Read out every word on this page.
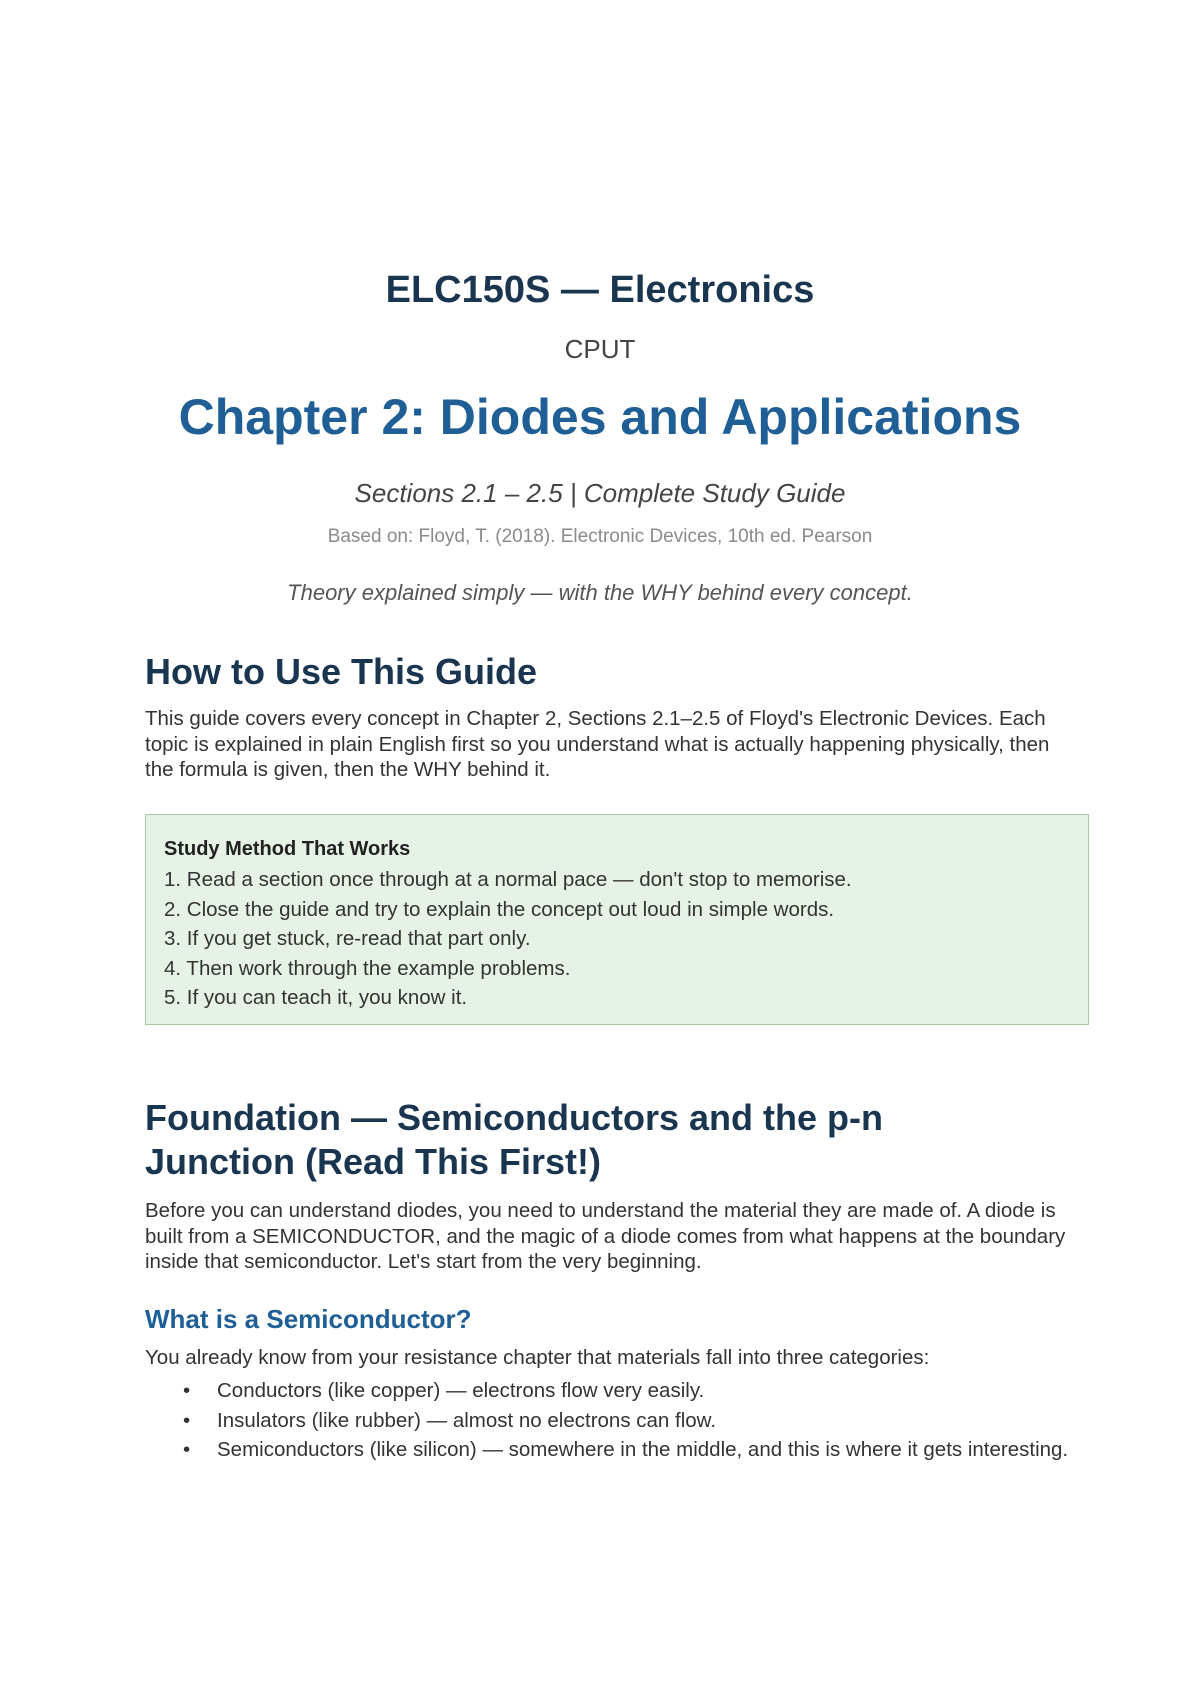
ELC150S — Electronics
CPUT
Chapter 2: Diodes and Applications
Sections 2.1 – 2.5 | Complete Study Guide
Based on: Floyd, T. (2018). Electronic Devices, 10th ed. Pearson
Theory explained simply — with the WHY behind every concept.
How to Use This Guide
This guide covers every concept in Chapter 2, Sections 2.1–2.5 of Floyd's Electronic Devices. Each topic is explained in plain English first so you understand what is actually happening physically, then the formula is given, then the WHY behind it.
Study Method That Works
1. Read a section once through at a normal pace — don't stop to memorise.
2. Close the guide and try to explain the concept out loud in simple words.
3. If you get stuck, re-read that part only.
4. Then work through the example problems.
5. If you can teach it, you know it.
Foundation — Semiconductors and the p-n Junction (Read This First!)
Before you can understand diodes, you need to understand the material they are made of. A diode is built from a SEMICONDUCTOR, and the magic of a diode comes from what happens at the boundary inside that semiconductor. Let's start from the very beginning.
What is a Semiconductor?
You already know from your resistance chapter that materials fall into three categories:
• Conductors (like copper) — electrons flow very easily.
• Insulators (like rubber) — almost no electrons can flow.
• Semiconductors (like silicon) — somewhere in the middle, and this is where it gets interesting.
